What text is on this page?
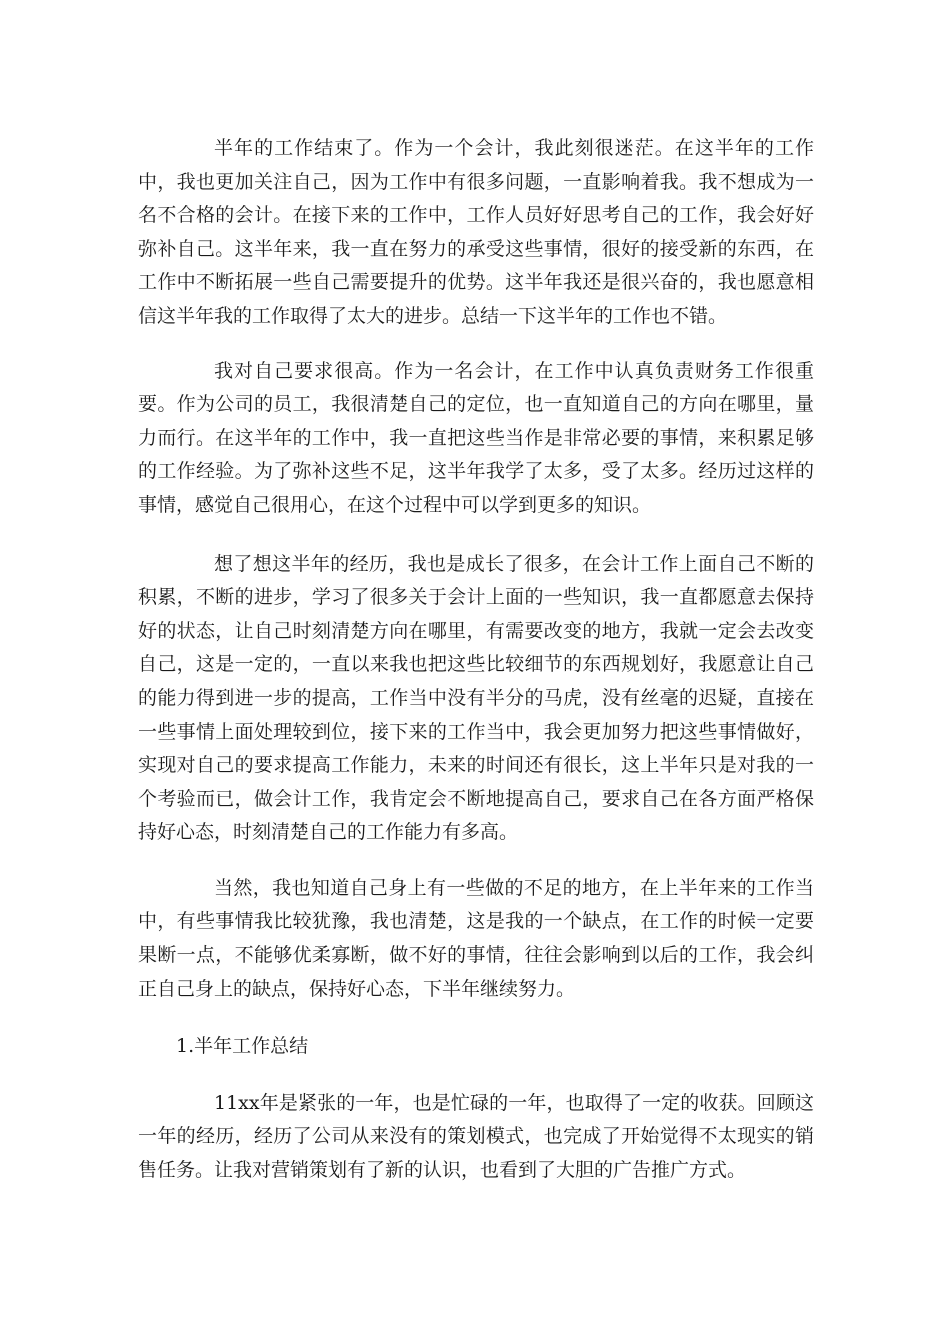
半年的工作结束了。作为一个会计，我此刻很迷茫。在这半年的工作中，我也更加关注自己，因为工作中有很多问题，一直影响着我。我不想成为一名不合格的会计。在接下来的工作中，工作人员好好思考自己的工作，我会好好弥补自己。这半年来，我一直在努力的承受这些事情，很好的接受新的东西，在工作中不断拓展一些自己需要提升的优势。这半年我还是很兴奋的，我也愿意相信这半年我的工作取得了太大的进步。总结一下这半年的工作也不错。

我对自己要求很高。作为一名会计，在工作中认真负责财务工作很重要。作为公司的员工，我很清楚自己的定位，也一直知道自己的方向在哪里，量力而行。在这半年的工作中，我一直把这些当作是非常必要的事情，来积累足够的工作经验。为了弥补这些不足，这半年我学了太多，受了太多。经历过这样的事情，感觉自己很用心，在这个过程中可以学到更多的知识。

想了想这半年的经历，我也是成长了很多，在会计工作上面自己不断的积累，不断的进步，学习了很多关于会计上面的一些知识，我一直都愿意去保持好的状态，让自己时刻清楚方向在哪里，有需要改变的地方，我就一定会去改变自己，这是一定的，一直以来我也把这些比较细节的东西规划好，我愿意让自己的能力得到进一步的提高，工作当中没有半分的马虎，没有丝毫的迟疑，直接在一些事情上面处理较到位，接下来的工作当中，我会更加努力把这些事情做好，实现对自己的要求提高工作能力，未来的时间还有很长，这上半年只是对我的一个考验而已，做会计工作，我肯定会不断地提高自己，要求自己在各方面严格保持好心态，时刻清楚自己的工作能力有多高。

当然，我也知道自己身上有一些做的不足的地方，在上半年来的工作当中，有些事情我比较犹豫，我也清楚，这是我的一个缺点，在工作的时候一定要果断一点，不能够优柔寡断，做不好的事情，往往会影响到以后的工作，我会纠正自己身上的缺点，保持好心态，下半年继续努力。

1.半年工作总结

11xx年是紧张的一年，也是忙碌的一年，也取得了一定的收获。回顾这一年的经历，经历了公司从来没有的策划模式，也完成了开始觉得不太现实的销售任务。让我对营销策划有了新的认识，也看到了大胆的广告推广方式。
